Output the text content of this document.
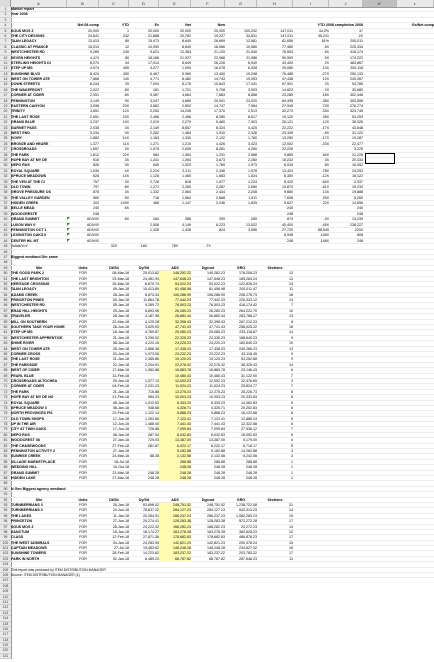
A	B	C	D	E	F	G	H	I	J	K	L
1
2
3
4
5
6
7
8
9
10
11
12
13
14
15
16
17
18
19
20
21
22
23
24
25
26
27
28
29
30
31
32
33
34
35
36
37
38
39
40
41
42
43
44
45
46
47
48
49
50
51
52
53
54
55
56
57
58
59
60
61
62
63
64
65
66
67
68
69
70
71
72
73
74
75
76
77
78
79
80
81
82
83
84
85
86
87
88
89
90
91
92
93
94
95
96
97
98
99
100
101
102
103
104
105
106
107
108
109
110
111
112
113
114
115
116
117
118
119
120
121
Market report
Year 2008
Net 08 comp	YTD	Ex	Net	New	YTD 2008 completion 2008	Ex/Net comp
SOUS MOS 3	20,000	1	20,000	20,000	20,000	100,202	147,011	44,2%	37
THE CITY DESIGNS	24,641	242	21,888	20,782	19,227	32,831	147,011	45,241	2X
TAAN LEGACY	12,413	80	15,473	8,640	26,669	12,581	81,656	81%	200,011
CLASSIC AT FRANCE	15,010	12	10,090	8,640	18,066	10,580	77,460	6X	225,334
WESTCHESTER RD	9,289	240	9,621	12,383	21,120	21,540	76,503	6X	418,174
SEVEN HEIGHTS	4,474	80	18,166	21,927	22,986	21,986	90,593	5X	174,222
STERLING HEIGHTS DI	8,270	34	17,014	8,649	26,226	6,940	43,400	2X	483,867
STEP UP MS	4,974	450	4,077	1,090	16,078	6,928	29,080	13X	200,118
SUNSHINE BLVD	8,424	450	6,467	5,969	13,400	19,298	76,488	-27X	250,133
WEST ON TOWER ATE	7,868	140	4,771	8,482	14,743	19,053	47,438	12X	240,267
DOWN STREETS	8,244	20	7,094	8,176	10,843	17,041	67,901	2X	93,785
THE WAKEFRONT	2,022	8X	181	1,701	9,708	3,903	14,822	2X	30,680
CORNER AT CIDER	2,391	8X	9,467	4,664	7,883	8,658	23,285	18X	302,446
PENNINGTON	3,149	9X	3,047	4,680	20,091	23,020	84,495	-38X	303,596
EASTERN CANYON	3,096	20X	3,682	2,802	14,747	7,584	27,945	73X	276,774
TRINITY	3,651	12X	2,253	14,208	17,370	2,513	32,273	-33X	323,745
THE LAST ROSE	2,651	23X	2,466	2,456	8,280	8,617	19,120	28X	53,253
GRAND BLUE	3,237	14X	2,019	2,279	5,460	7,903	26,121	12X	38,326
GARNET PASS	2,036	3X	2,149	8,657	8,324	4,425	22,222	-17X	43,648
WEST END	3,234	9X	2,262	1,464	1,910	2,326	23,345	-8X	31,122
IVORY	1,883	14X	1,163	1,330	2,132	1,760	13,250	-17X	19,287
BRONZE AND HEARE	1,377	11X	1,271	1,210	4,426	3,423	12,002	-23X	22,477
CROSSROADS	1,657	2X	1,575	2,635	8,281	4,260	22,225	3,225
THE PARK	1,812	22X	984	1,564	1,231	2,588	9,865	64X	21,226
HOPE BAY AT MY DE	616	3X	1,241	1,264	3,673	2,260	10,232	3X	20,334
NEPO RUS	826	3X	645	1,320	1,789	1,973	6,033	8X	16,052
ROYAL SQUARE	1,030	4X	2,224	2,211	2,346	1,978	13,424	-78X	24,252
SPRUCE MEADOWS	628	14X	1,126	1,460	1,683	1,524	6,300	-12X	16,122
THE VEN AT THE CI	757	3X	2,726	818	1,977	1,224	8,420	-64X	2,337
OLD TOWN	797	8X	1,271	2,260	2,287	2,680	13,870	-61X	19,232
GROVE PRESSURE OS	878	3X	1,332	2,564	2,444	2,208	9,880	13X	19,888
THE VALLEY GARDEN	560	5X	716	1,664	2,668	1,911	7,608	25X	5,260
HIDDEN CREEK	202	149X	468	1,147	3,246	1,625	5,627	22X	14,656
BELLE MEAD	240	8X	240	240
WOODCRESTE	248	248	248
GRAND SUMMIT	#DIV/0!	8X	184	386	299	289	874	-3X	13,239
LUXON WAY II	#DIV/0!	2,508	4,149	6,223	13,522	40,400	-45X	238,227
PENNINGTON OCT 1	#DIV/0!	1,328	1,426	824	3,596	27,720	88,540	223X
LEXINGTON OAKS II	#DIV/0!	8,948	148X	808
CENTER HIL MT	#DIV/0!	248	148X	248
Totals/YoY	32X	18X	78X	-7X
Biggest westland Dhr same
Site	Units	Dt/Sit	Dy/Sit	ADS	Dyprod	GRO	Sections
THE GOOD PARK 2	FOR	08-Mar-18	25,013.62	148,252.22	149,262.23	176,208.23	13
THE LAST BRIGHTON	FOR	29-Mar-18	24,481.94	147,648.23	147,648.23	165,284.24	12
HERITAGE CROSSING	FOR	26-Mar-18	6,870.74	53,022.23	53,022.23	-122,826.24	13
TAAN LEGACY	FOR	09-Jan-18	15,413.89	81,456.98	81,456.98	200,011.47	11
ADAMS CREEK	FOR	28-Jan-18	8,874.34	106,286.99	106,286.99	208,276.73	18
PRINCETON PINES	FOR	03-Jan-18	11,864.78	77,442.23	77,442.23	225,333.12	14
WESTCHESTER RD	FOR	05-Jan-18	9,289.72	78,503.23	76,503.23	418,174.42	7
BRAD HILL HEIGHTS	FOR	25-Jan-18	6,893.96	26,280.23	26,280.23	264,222.70	10
TRAVELER	FOR	28-Jan-18	3,187.98	28,882.44	26,882.44	283,786.27	13
MILL ON SOUTHERN	FOR	22-Mar-18	4,129.28	32,396.43	32,396.43	267,212.23	8
SOUTHERN TAKE YOUR HOME	FOR	28-Jun-18	3,629.93	47,741.43	47,741.43	258,025.22	18
STEP UP MS	FOR	18-Jan-18	4,769.87	29,080.23	29,080.23	233,118.87	14
WESTCHESTER APPRENTICE	FOR	21-Jan-18	3,299.52	22,325.23	22,335.23	188,640.23	9
SHINE RIVER	FOR	08-Jan-18	4,222.15	24,220.23	24,220.23	183,640.23	10
WEST ON TOWER ATE	FOR	25-Jan-18	2,868.38	17,438.23	17,438.23	240,266.23	13
CORNER CROSS	FOR	03-Jan-18	1,973.06	23,222.23	23,222.23	43,118.45	9
THE LAST ROSE	FOR	21-Jan-18	2,365.86	19,120.23	19,120.23	53,252.68	9
THE PARKSIDE	FOR	22-Jan-18	2,204.91	22,276.32	22,276.32	38,326.43	14
WEST OF CIDER	FOR	17-Mar-18	1,362.88	16,883.78	16,883.78	23,146.43	6
PEARL BLUE	FOR	12-Feb-18	10,480.43	10,480.43	31,122.00	7
CROSSROADS ALTOCHEA	FOR	29-Jan-18	1,577.13	12,002.23	12,002.23	22,476.65	3
CORNER AT CIDER	FOR	04-Feb-18	2,231.23	11,024.23	11,024.23	25,824.77	7
THE PARK	FOR	21-Jan-18	716.88	12,275.23	12,275.23	26,226.73	8
HOPE BAY AT MY DE NO	FOR	21-Feb-18	984.23	10,003.23	10,003.23	20,333.83	6
ROYAL SQUARE	FOR	08-Jan-18	1,012.63	6,333.23	6,333.23	14,062.83	5
SPRUCE MEADOW 3	FOR	08-Jan-18	348.68	4,326.71	4,326.71	20,252.83	6
NORTH PROVINCES FIS	FOR	22-Feb-18	1,122.14	5,888.23	5,888.23	16,122.88	6
OLD TOWN SHOPS	FOR	17-Jun-18	1,262.66	7,122.41	7,122.41	12,888.24	5
UP IN THE AIR	FOR	12-Jun-18	1,468.40	7,441.43	7,441.43	12,322.88	5
CITY AT TWIN OAKS	FOR	17-Jun-18	726.88	7,099.84	7,099.84	27,936.12	7
NEPO RUS	FOR	08-Jan-18	287.94	6,032.83	6,032.83	16,052.83	6
WOODCREST 08	FOR	27-Jan-18	729.93	13,387.00	13,387.00	5,179.00	4
THE CHASEWOODS	FOR	27-Feb-18	281.87	6,222.17	6,222.17	6,716.17	5
PENNINGTON ACTIVITY 2	FOR	27-Jan-18	5,182.88	5,182.88	14,262.88	3
SUNRISE CREEK	FOR	24-Mar-18	88.28	2,132.58	2,132.58	5,242.58	3
VILLAGE MARKETPLACE	FOR	18-Jul-18	288.88	288.88	288.88	1
WEDDING HILL	FOR	10-Oct-18	248.28	248.28	248.28	1
GRAND SUMMIT	FOR	23-Mar-18	248.28	248.28	248.28	248.28	1
HIDDEN LAKE	FOR	27-Mar-18	248.28	248.28	248.28	248.28	1
N Gen Biggest agency westland
Site	Units	Dt/Sit	Dy/Sit	ADS	Dyprod	GRO	Sections
TURNBERRIANS 3	FOR	28-Jan-18	63,698.02	248,751.52	248,751.52	1,238,722.08	31
TURNBERRIANS 2	FOR	24-Jun-18	78,637.22	284,127.23	284,127.23	942,313.23	14
THE LAKES	FOR	11-Jan-18	20,284.91	286,237.23	286,237.23	1,082,283.23	19
PRINCETON	FOR	27-Jun-18	29,274.41	128,283.38	128,283.38	572,272.28	17
SOUS MOS 3	FOR	28-Jan-18	24,222.32	168,282.23	168,282.23	20,272.23	14
SANCTUM	FOR	18-Jan-18	18,174.27	163,278.28	163,278.28	382,628.23	12
CLASS	FOR	12-Feb-18	27,871.36	178,682.83	178,682.83	486,878.23	17
THE WEST ADMIRALS	FOR	04-Jan-18	24,283.90	142,821.23	142,821.23	200,378.24	15
CAPTAIN MEADOWS	FOR	27-Jul-18	19,483.62	148,248.28	148,248.28	234,627.32	16
SUNSHINE TOWERS	FOR	28-Feb-18	14,223.62	183,237.22	183,237.22	203,783.22	17
PARK IN NORTH	FOR	02-Jan-18	6,489.23	68,767.82	68,767.82	287,648.23	11
This report was produced by ITEM DISTRIBUTION MANAGER
Source: ITEM DISTRIBUTION MANAGER (1)
